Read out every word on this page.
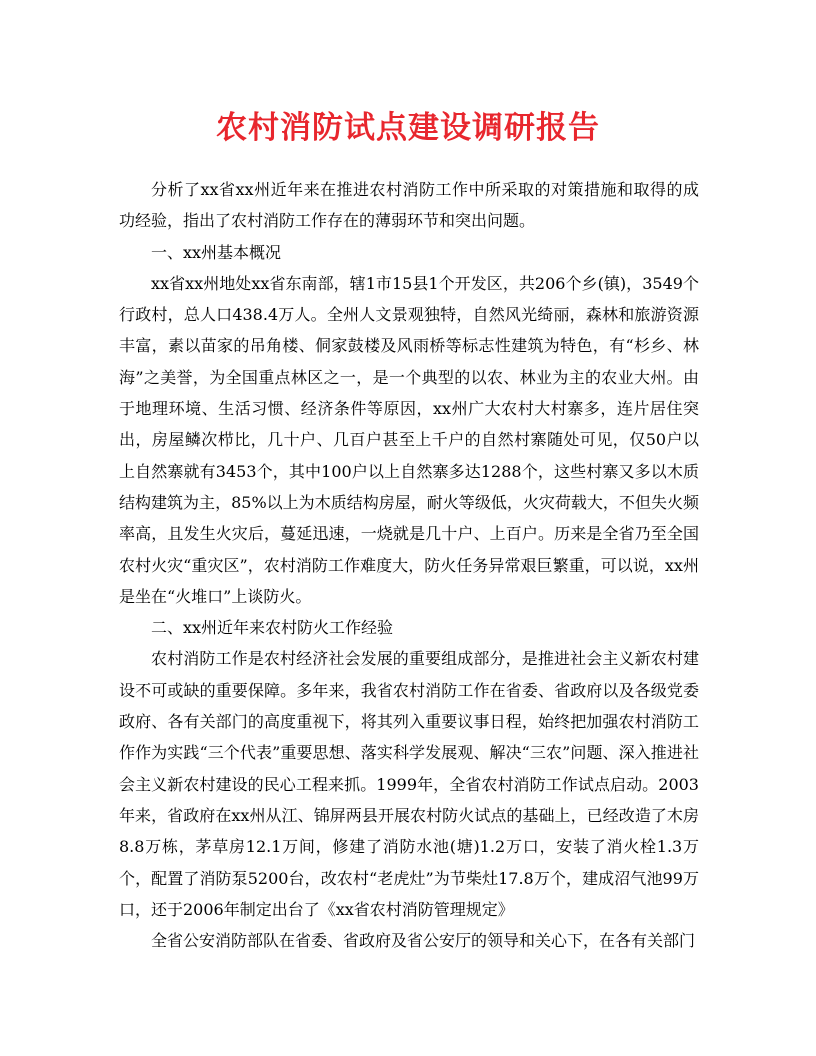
农村消防试点建设调研报告

分析了xx省xx州近年来在推进农村消防工作中所采取的对策措施和取得的成功经验，指出了农村消防工作存在的薄弱环节和突出问题。

一、xx州基本概况

xx省xx州地处xx省东南部，辖1市15县1个开发区，共206个乡(镇)，3549个行政村，总人口438.4万人。全州人文景观独特，自然风光绮丽，森林和旅游资源丰富，素以苗家的吊角楼、侗家鼓楼及风雨桥等标志性建筑为特色，有“杉乡、林海”之美誉，为全国重点林区之一，是一个典型的以农、林业为主的农业大州。由于地理环境、生活习惯、经济条件等原因，xx州广大农村大村寨多，连片居住突出，房屋鳞次栉比，几十户、几百户甚至上千户的自然村寨随处可见，仅50户以上自然寨就有3453个，其中100户以上自然寨多达1288个，这些村寨又多以木质结构建筑为主，85%以上为木质结构房屋，耐火等级低，火灾荷载大，不但失火频率高，且发生火灾后，蔓延迅速，一烧就是几十户、上百户。历来是全省乃至全国农村火灾“重灾区”，农村消防工作难度大，防火任务异常艰巨繁重，可以说，xx州是坐在“火堆口”上谈防火。

二、xx州近年来农村防火工作经验

农村消防工作是农村经济社会发展的重要组成部分，是推进社会主义新农村建设不可或缺的重要保障。多年来，我省农村消防工作在省委、省政府以及各级党委政府、各有关部门的高度重视下，将其列入重要议事日程，始终把加强农村消防工作作为实践“三个代表”重要思想、落实科学发展观、解决“三农”问题、深入推进社会主义新农村建设的民心工程来抓。1999年，全省农村消防工作试点启动。2003年来，省政府在xx州从江、锦屏两县开展农村防火试点的基础上，已经改造了木房8.8万栋，茅草房12.1万间，修建了消防水池(塘)1.2万口，安装了消火栓1.3万个，配置了消防泵5200台，改农村“老虎灶”为节柴灶17.8万个，建成沼气池99万口，还于2006年制定出台了《xx省农村消防管理规定》

全省公安消防部队在省委、省政府及省公安厅的领导和关心下，在各有关部门
